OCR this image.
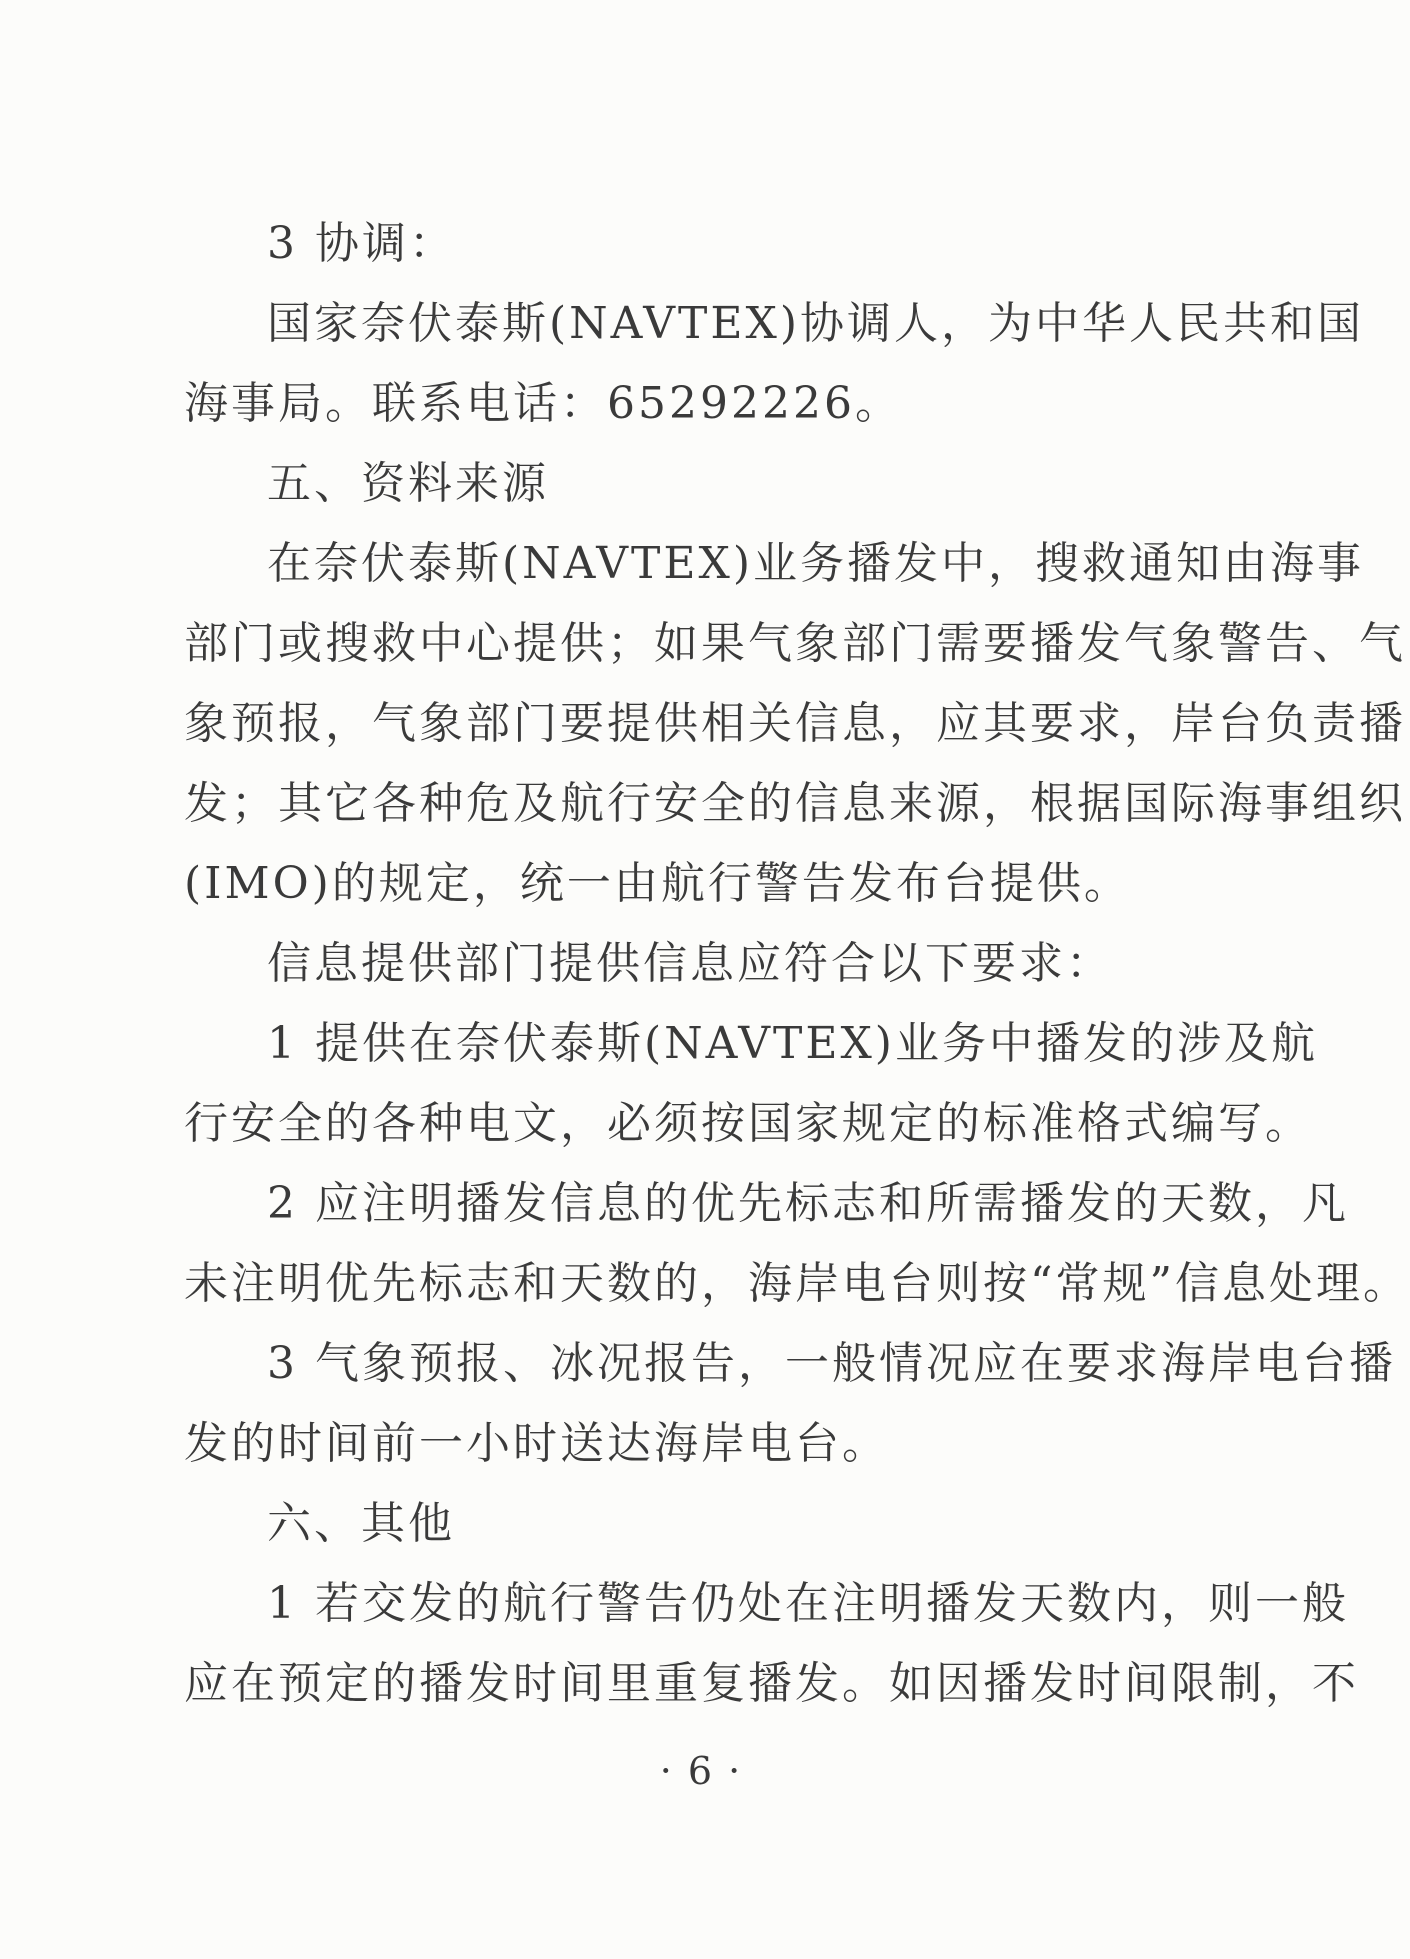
3 协调：
国家奈伏泰斯(NAVTEX)协调人，为中华人民共和国
海事局。联系电话：65292226。
五、资料来源
在奈伏泰斯(NAVTEX)业务播发中，搜救通知由海事
部门或搜救中心提供；如果气象部门需要播发气象警告、气
象预报，气象部门要提供相关信息，应其要求，岸台负责播
发；其它各种危及航行安全的信息来源，根据国际海事组织
(IMO)的规定，统一由航行警告发布台提供。
信息提供部门提供信息应符合以下要求：
1 提供在奈伏泰斯(NAVTEX)业务中播发的涉及航
行安全的各种电文，必须按国家规定的标准格式编写。
2 应注明播发信息的优先标志和所需播发的天数，凡
未注明优先标志和天数的，海岸电台则按“常规”信息处理。
3 气象预报、冰况报告，一般情况应在要求海岸电台播
发的时间前一小时送达海岸电台。
六、其他
1 若交发的航行警告仍处在注明播发天数内，则一般
应在预定的播发时间里重复播发。如因播发时间限制，不
· 6 ·
